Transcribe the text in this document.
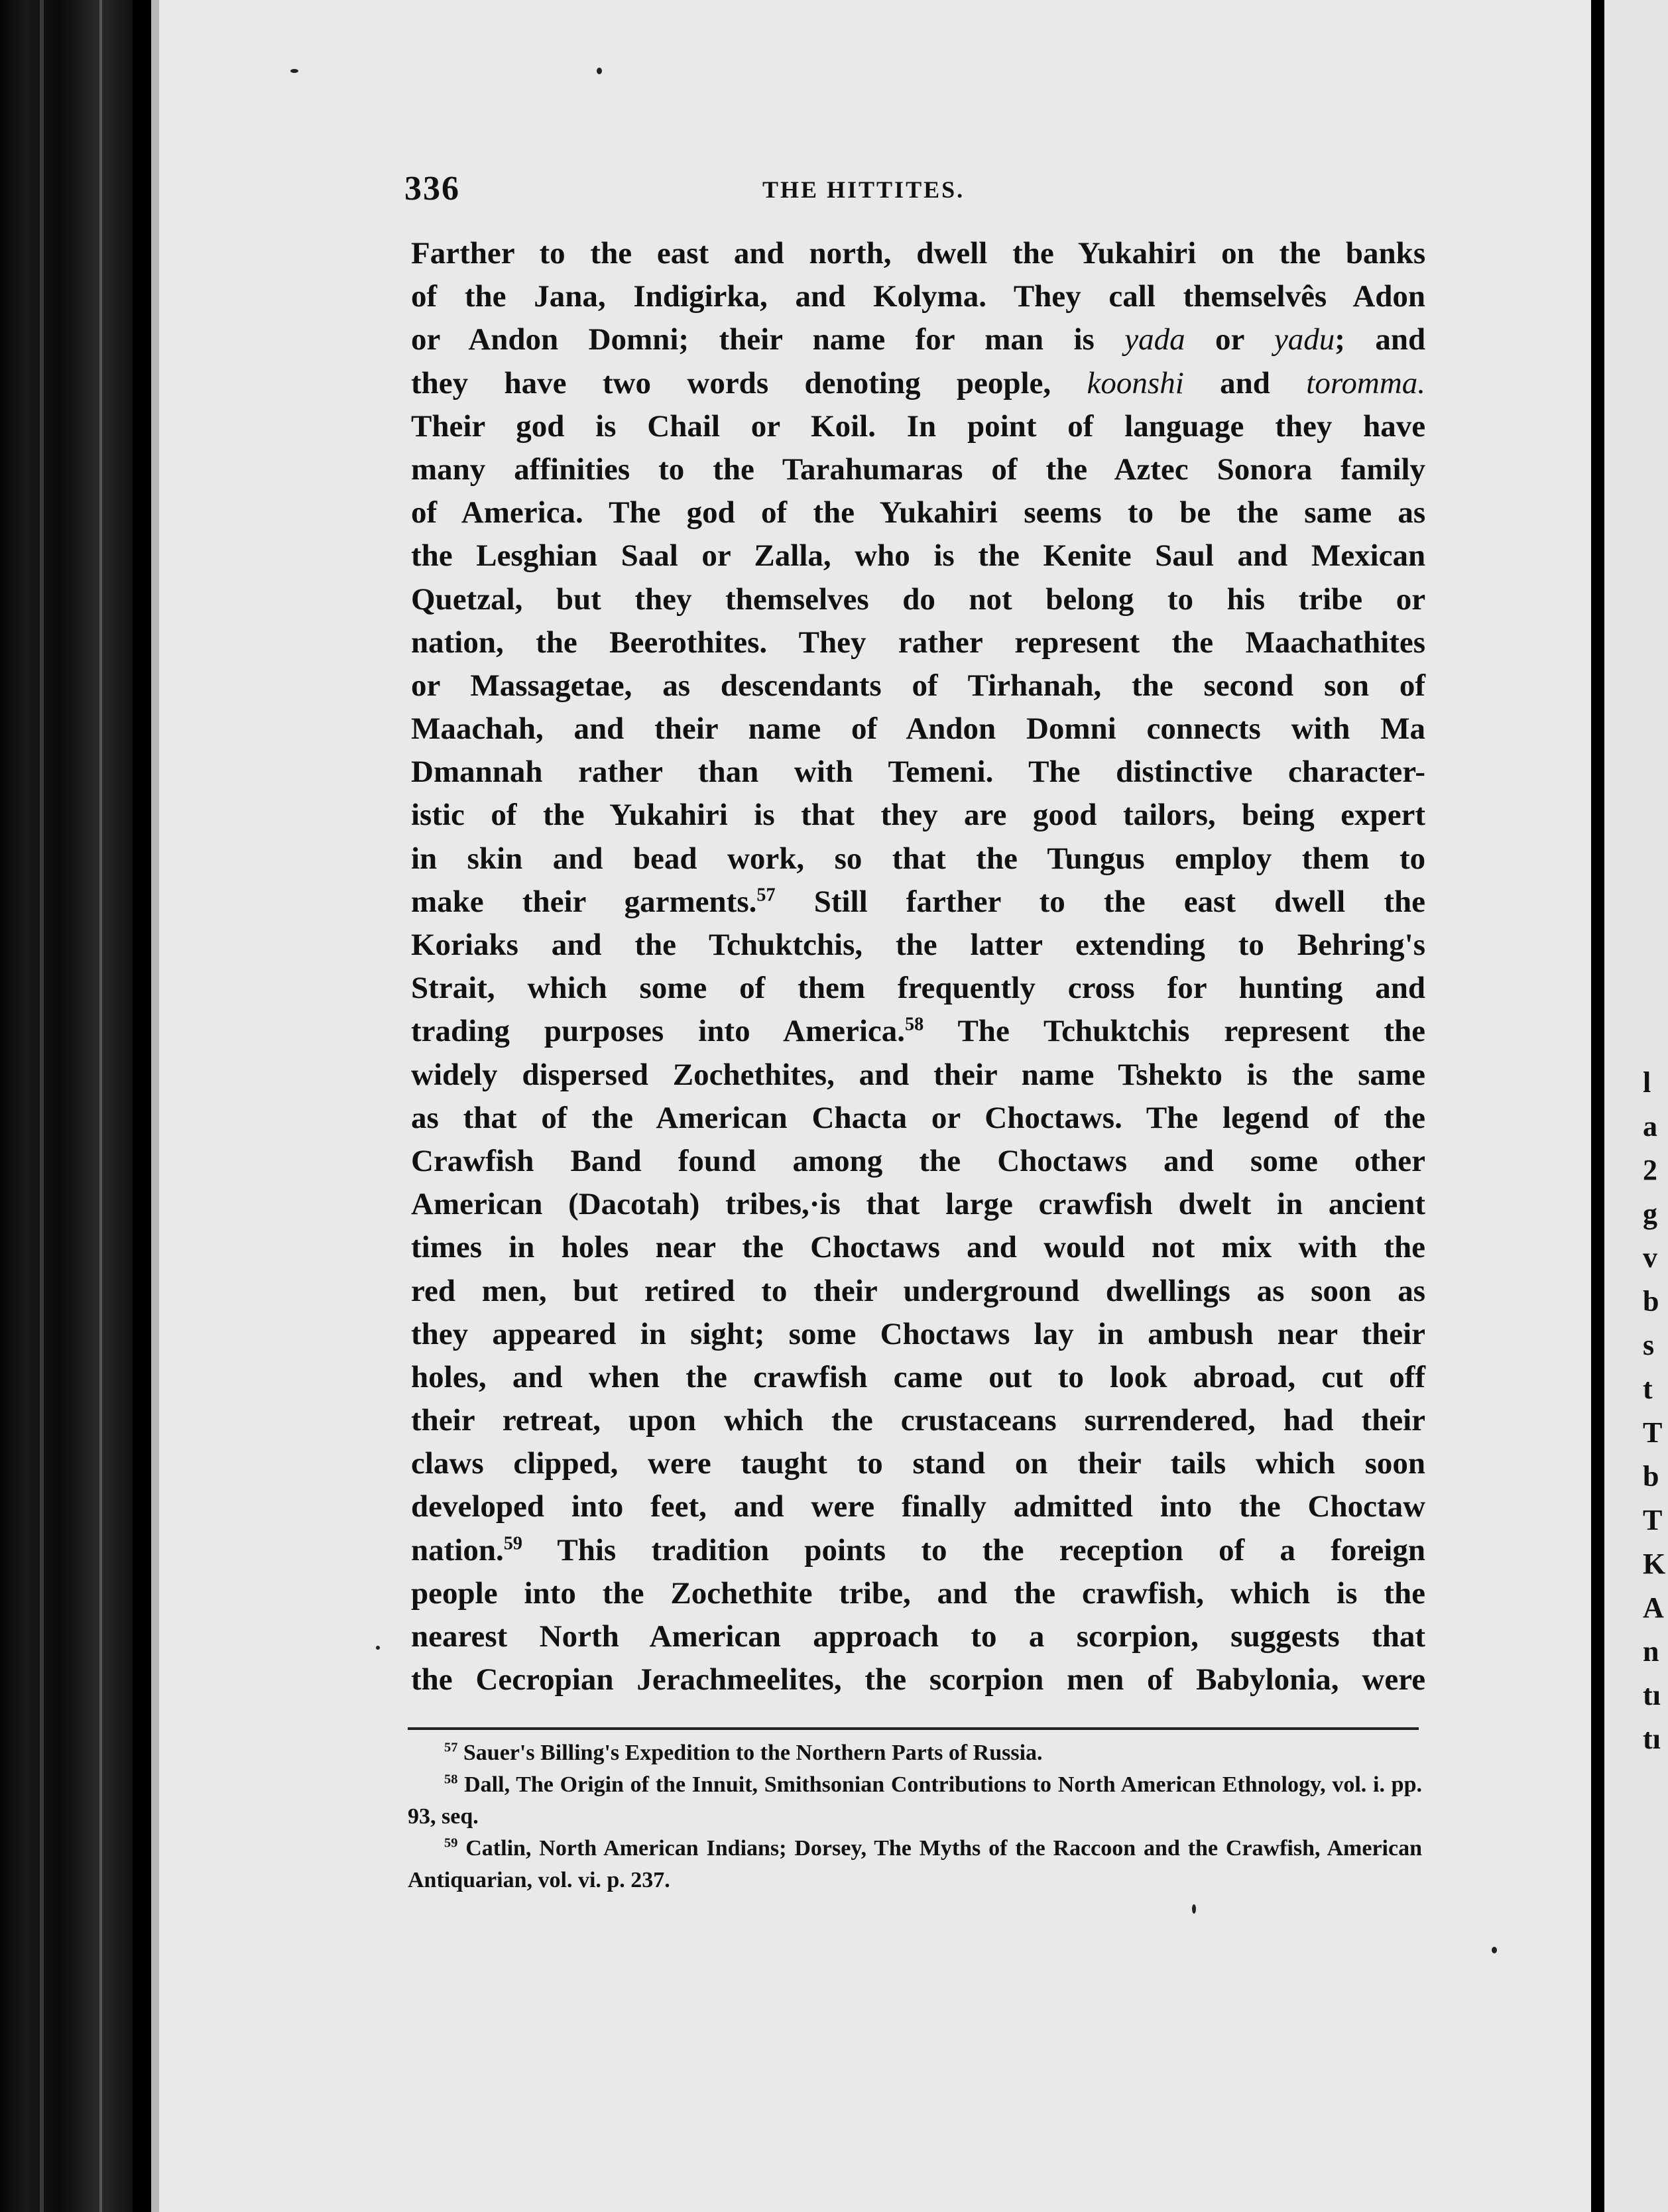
l
a
2
g
v
b
s
t
T
b
T
K
A
n
tı
tı
336	THE HITTITES.
Farther to the east and north, dwell the Yukahiri on the banks
of the Jana, Indigirka, and Kolyma. They call themselvês Adon
or Andon Domni; their name for man is yada or yadu; and
they have two words denoting people, koonshi and toromma.
Their god is Chail or Koil. In point of language they have
many affinities to the Tarahumaras of the Aztec Sonora family
of America. The god of the Yukahiri seems to be the same as
the Lesghian Saal or Zalla, who is the Kenite Saul and Mexican
Quetzal, but they themselves do not belong to his tribe or
nation, the Beerothites. They rather represent the Maachathites
or Massagetae, as descendants of Tirhanah, the second son of
Maachah, and their name of Andon Domni connects with Ma
Dmannah rather than with Temeni. The distinctive character-
istic of the Yukahiri is that they are good tailors, being expert
in skin and bead work, so that the Tungus employ them to
make their garments.$^{57}$ Still farther to the east dwell the
Koriaks and the Tchuktchis, the latter extending to Behring's
Strait, which some of them frequently cross for hunting and
trading purposes into America.$^{58}$ The Tchuktchis represent the
widely dispersed Zochethites, and their name Tshekto is the same
as that of the American Chacta or Choctaws. The legend of the
Crawfish Band found among the Choctaws and some other
American (Dacotah) tribes,·is that large crawfish dwelt in ancient
times in holes near the Choctaws and would not mix with the
red men, but retired to their underground dwellings as soon as
they appeared in sight; some Choctaws lay in ambush near their
holes, and when the crawfish came out to look abroad, cut off
their retreat, upon which the crustaceans surrendered, had their
claws clipped, were taught to stand on their tails which soon
developed into feet, and were finally admitted into the Choctaw
nation.$^{59}$ This tradition points to the reception of a foreign
people into the Zochethite tribe, and the crawfish, which is the
nearest North American approach to a scorpion, suggests that
the Cecropian Jerachmeelites, the scorpion men of Babylonia, were

$^{57}$ Sauer's Billing's Expedition to the Northern Parts of Russia.

$^{58}$ Dall, The Origin of the Innuit, Smithsonian Contributions to North American Ethnology, vol. i. pp. 93, seq.

$^{59}$ Catlin, North American Indians; Dorsey, The Myths of the Raccoon and the Crawfish, American Antiquarian, vol. vi. p. 237.
